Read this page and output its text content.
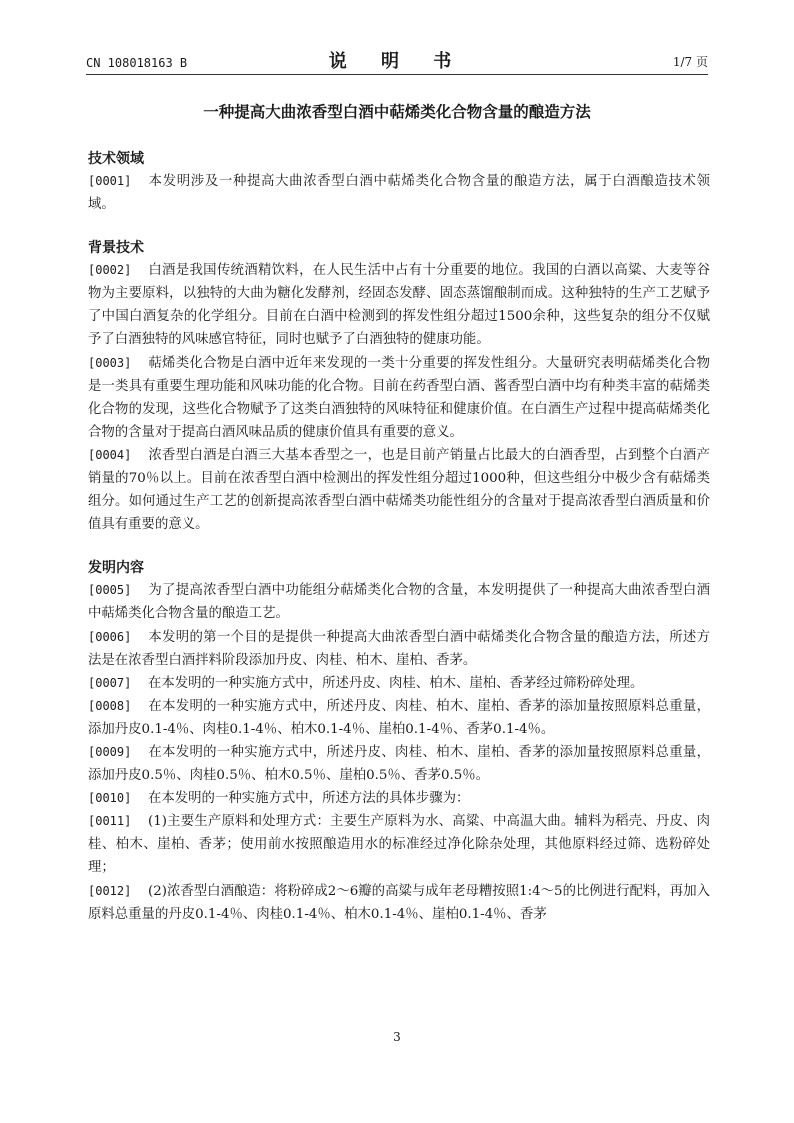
CN 108018163 B	说 明 书	1/7 页
一种提高大曲浓香型白酒中萜烯类化合物含量的酿造方法
技术领域
[0001] 本发明涉及一种提高大曲浓香型白酒中萜烯类化合物含量的酿造方法，属于白酒酿造技术领域。
背景技术
[0002] 白酒是我国传统酒精饮料，在人民生活中占有十分重要的地位。我国的白酒以高粱、大麦等谷物为主要原料，以独特的大曲为糖化发酵剂，经固态发酵、固态蒸馏酿制而成。这种独特的生产工艺赋予了中国白酒复杂的化学组分。目前在白酒中检测到的挥发性组分超过1500余种，这些复杂的组分不仅赋予了白酒独特的风味感官特征，同时也赋予了白酒独特的健康功能。
[0003] 萜烯类化合物是白酒中近年来发现的一类十分重要的挥发性组分。大量研究表明萜烯类化合物是一类具有重要生理功能和风味功能的化合物。目前在药香型白酒、酱香型白酒中均有种类丰富的萜烯类化合物的发现，这些化合物赋予了这类白酒独特的风味特征和健康价值。在白酒生产过程中提高萜烯类化合物的含量对于提高白酒风味品质的健康价值具有重要的意义。
[0004] 浓香型白酒是白酒三大基本香型之一，也是目前产销量占比最大的白酒香型，占到整个白酒产销量的70％以上。目前在浓香型白酒中检测出的挥发性组分超过1000种，但这些组分中极少含有萜烯类组分。如何通过生产工艺的创新提高浓香型白酒中萜烯类功能性组分的含量对于提高浓香型白酒质量和价值具有重要的意义。
发明内容
[0005] 为了提高浓香型白酒中功能组分萜烯类化合物的含量，本发明提供了一种提高大曲浓香型白酒中萜烯类化合物含量的酿造工艺。
[0006] 本发明的第一个目的是提供一种提高大曲浓香型白酒中萜烯类化合物含量的酿造方法，所述方法是在浓香型白酒拌料阶段添加丹皮、肉桂、柏木、崖柏、香茅。
[0007] 在本发明的一种实施方式中，所述丹皮、肉桂、柏木、崖柏、香茅经过筛粉碎处理。
[0008] 在本发明的一种实施方式中，所述丹皮、肉桂、柏木、崖柏、香茅的添加量按照原料总重量，添加丹皮0.1-4％、肉桂0.1-4％、柏木0.1-4％、崖柏0.1-4％、香茅0.1-4％。
[0009] 在本发明的一种实施方式中，所述丹皮、肉桂、柏木、崖柏、香茅的添加量按照原料总重量，添加丹皮0.5％、肉桂0.5％、柏木0.5％、崖柏0.5％、香茅0.5％。
[0010] 在本发明的一种实施方式中，所述方法的具体步骤为：
[0011] (1)主要生产原料和处理方式：主要生产原料为水、高粱、中高温大曲。辅料为稻壳、丹皮、肉桂、柏木、崖柏、香茅；使用前水按照酿造用水的标准经过净化除杂处理，其他原料经过筛、选粉碎处理；
[0012] (2)浓香型白酒酿造：将粉碎成2～6瓣的高粱与成年老母糟按照1:4～5的比例进行配料，再加入原料总重量的丹皮0.1-4％、肉桂0.1-4％、柏木0.1-4％、崖柏0.1-4％、香茅
3
